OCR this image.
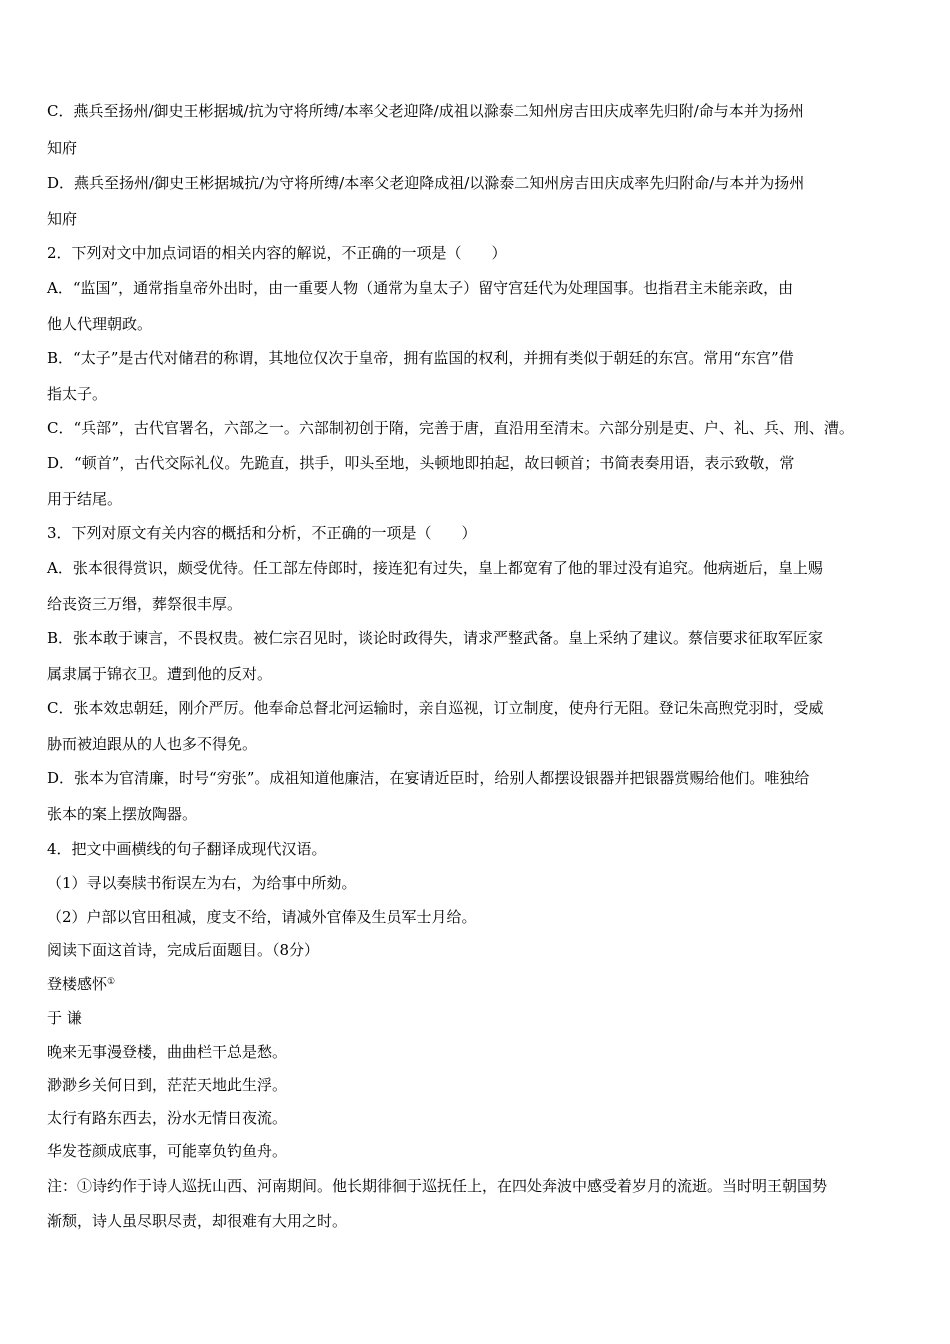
C．燕兵至扬州/御史王彬据城/抗为守将所缚/本率父老迎降/成祖以滁泰二知州房吉田庆成率先归附/命与本并为扬州
知府
D．燕兵至扬州/御史王彬据城抗/为守将所缚/本率父老迎降成祖/以滁泰二知州房吉田庆成率先归附命/与本并为扬州
知府
2．下列对文中加点词语的相关内容的解说，不正确的一项是（　　）
A．“监国”，通常指皇帝外出时，由一重要人物（通常为皇太子）留守宫廷代为处理国事。也指君主未能亲政，由
他人代理朝政。
B．“太子”是古代对储君的称谓，其地位仅次于皇帝，拥有监国的权利，并拥有类似于朝廷的东宫。常用“东宫”借
指太子。
C．“兵部”，古代官署名，六部之一。六部制初创于隋，完善于唐，直沿用至清末。六部分别是吏、户、礼、兵、刑、漕。
D．“顿首”，古代交际礼仪。先跪直，拱手，叩头至地，头顿地即拍起，故曰顿首；书简表奏用语，表示致敬，常
用于结尾。
3．下列对原文有关内容的概括和分析，不正确的一项是（　　）
A．张本很得赏识，颇受优待。任工部左侍郎时，接连犯有过失，皇上都宽宥了他的罪过没有追究。他病逝后，皇上赐
给丧资三万缗，葬祭很丰厚。
B．张本敢于谏言，不畏权贵。被仁宗召见时，谈论时政得失，请求严整武备。皇上采纳了建议。蔡信要求征取军匠家
属隶属于锦衣卫。遭到他的反对。
C．张本效忠朝廷，刚介严厉。他奉命总督北河运输时，亲自巡视，订立制度，使舟行无阻。登记朱高煦党羽时，受威
胁而被迫跟从的人也多不得免。
D．张本为官清廉，时号“穷张”。成祖知道他廉洁，在宴请近臣时，给别人都摆设银器并把银器赏赐给他们。唯独给
张本的案上摆放陶器。
4．把文中画横线的句子翻译成现代汉语。
（1）寻以奏牍书衔误左为右，为给事中所劾。
（2）户部以官田租减，度支不给，请减外官俸及生员军士月给。
阅读下面这首诗，完成后面题目。（8分）
登楼感怀①
于 谦
晚来无事漫登楼，曲曲栏干总是愁。
渺渺乡关何日到，茫茫天地此生浮。
太行有路东西去，汾水无情日夜流。
华发苍颜成底事，可能辜负钓鱼舟。
注：①诗约作于诗人巡抚山西、河南期间。他长期徘徊于巡抚任上，在四处奔波中感受着岁月的流逝。当时明王朝国势
渐颓，诗人虽尽职尽责，却很难有大用之时。
